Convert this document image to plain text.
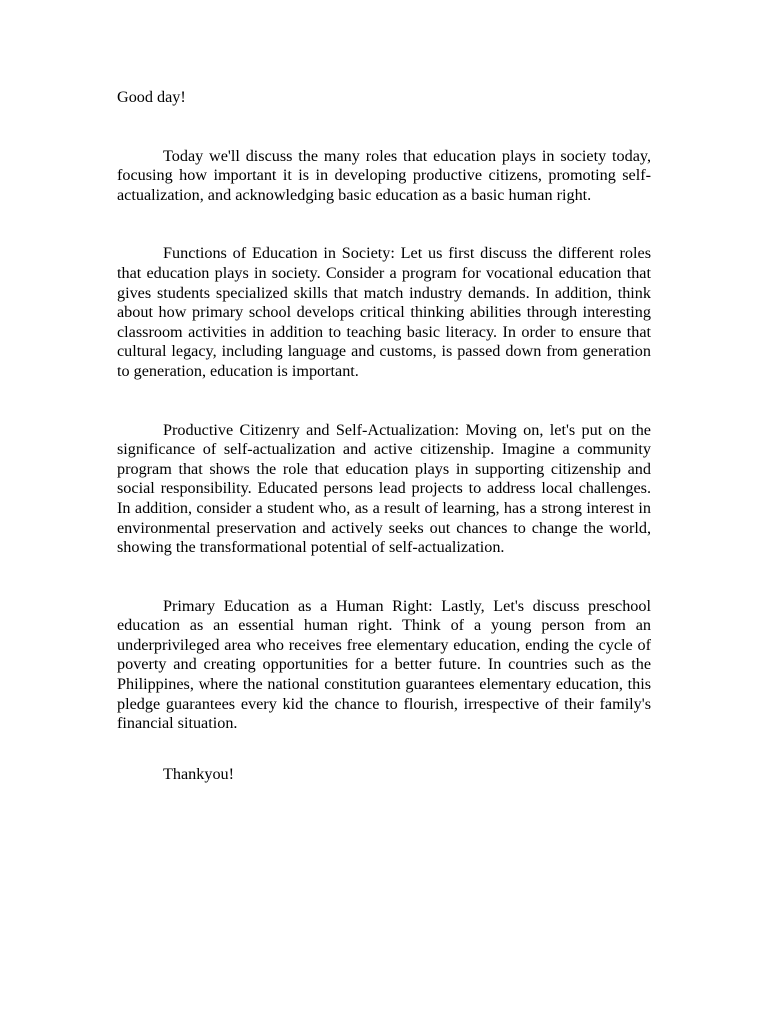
Good day!

Today we'll discuss the many roles that education plays in society today, focusing how important it is in developing productive citizens, promoting self-actualization, and acknowledging basic education as a basic human right.

Functions of Education in Society: Let us first discuss the different roles that education plays in society. Consider a program for vocational education that gives students specialized skills that match industry demands. In addition, think about how primary school develops critical thinking abilities through interesting classroom activities in addition to teaching basic literacy. In order to ensure that cultural legacy, including language and customs, is passed down from generation to generation, education is important.

Productive Citizenry and Self-Actualization: Moving on, let's put on the significance of self-actualization and active citizenship. Imagine a community program that shows the role that education plays in supporting citizenship and social responsibility. Educated persons lead projects to address local challenges. In addition, consider a student who, as a result of learning, has a strong interest in environmental preservation and actively seeks out chances to change the world, showing the transformational potential of self-actualization.

Primary Education as a Human Right: Lastly, Let's discuss preschool education as an essential human right. Think of a young person from an underprivileged area who receives free elementary education, ending the cycle of poverty and creating opportunities for a better future. In countries such as the Philippines, where the national constitution guarantees elementary education, this pledge guarantees every kid the chance to flourish, irrespective of their family's financial situation.

Thankyou!
